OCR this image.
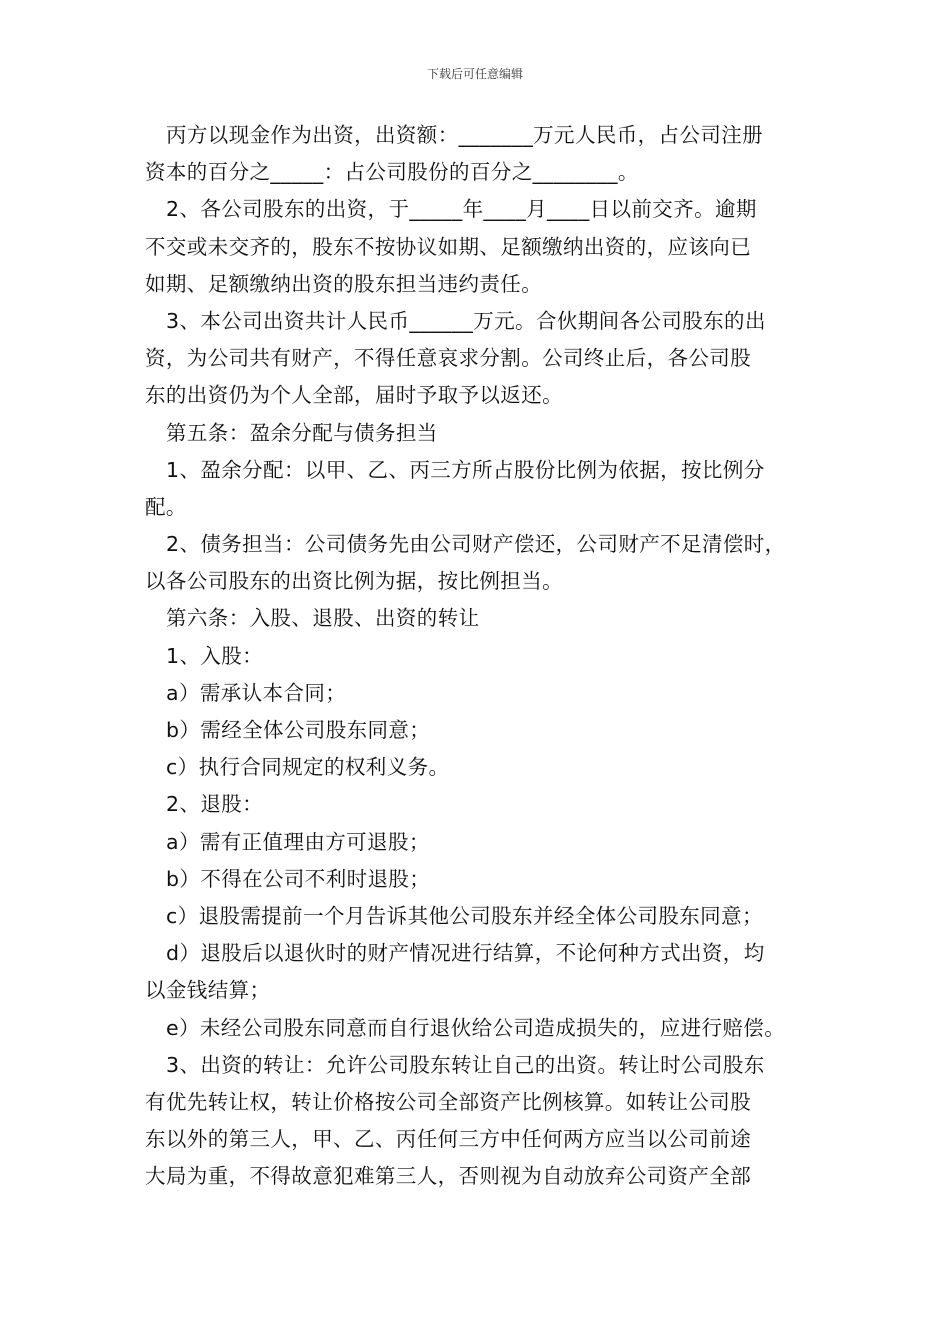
下载后可任意编辑
丙方以现金作为出资，出资额：_______万元人民币，占公司注册
资本的百分之_____：占公司股份的百分之________。
2、各公司股东的出资，于_____年____月____日以前交齐。逾期
不交或未交齐的，股东不按协议如期、足额缴纳出资的，应该向已
如期、足额缴纳出资的股东担当违约责任。
3、本公司出资共计人民币______万元。合伙期间各公司股东的出
资，为公司共有财产，不得任意哀求分割。公司终止后，各公司股
东的出资仍为个人全部，届时予取予以返还。
第五条：盈余分配与债务担当
1、盈余分配：以甲、乙、丙三方所占股份比例为依据，按比例分
配。
2、债务担当：公司债务先由公司财产偿还，公司财产不足清偿时，
以各公司股东的出资比例为据，按比例担当。
第六条：入股、退股、出资的转让
1、入股：
a）需承认本合同；
b）需经全体公司股东同意；
c）执行合同规定的权利义务。
2、退股：
a）需有正值理由方可退股；
b）不得在公司不利时退股；
c）退股需提前一个月告诉其他公司股东并经全体公司股东同意；
d）退股后以退伙时的财产情况进行结算，不论何种方式出资，均
以金钱结算；
e）未经公司股东同意而自行退伙给公司造成损失的，应进行赔偿。
3、出资的转让：允许公司股东转让自己的出资。转让时公司股东
有优先转让权，转让价格按公司全部资产比例核算。如转让公司股
东以外的第三人，甲、乙、丙任何三方中任何两方应当以公司前途
大局为重，不得故意犯难第三人，否则视为自动放弃公司资产全部
